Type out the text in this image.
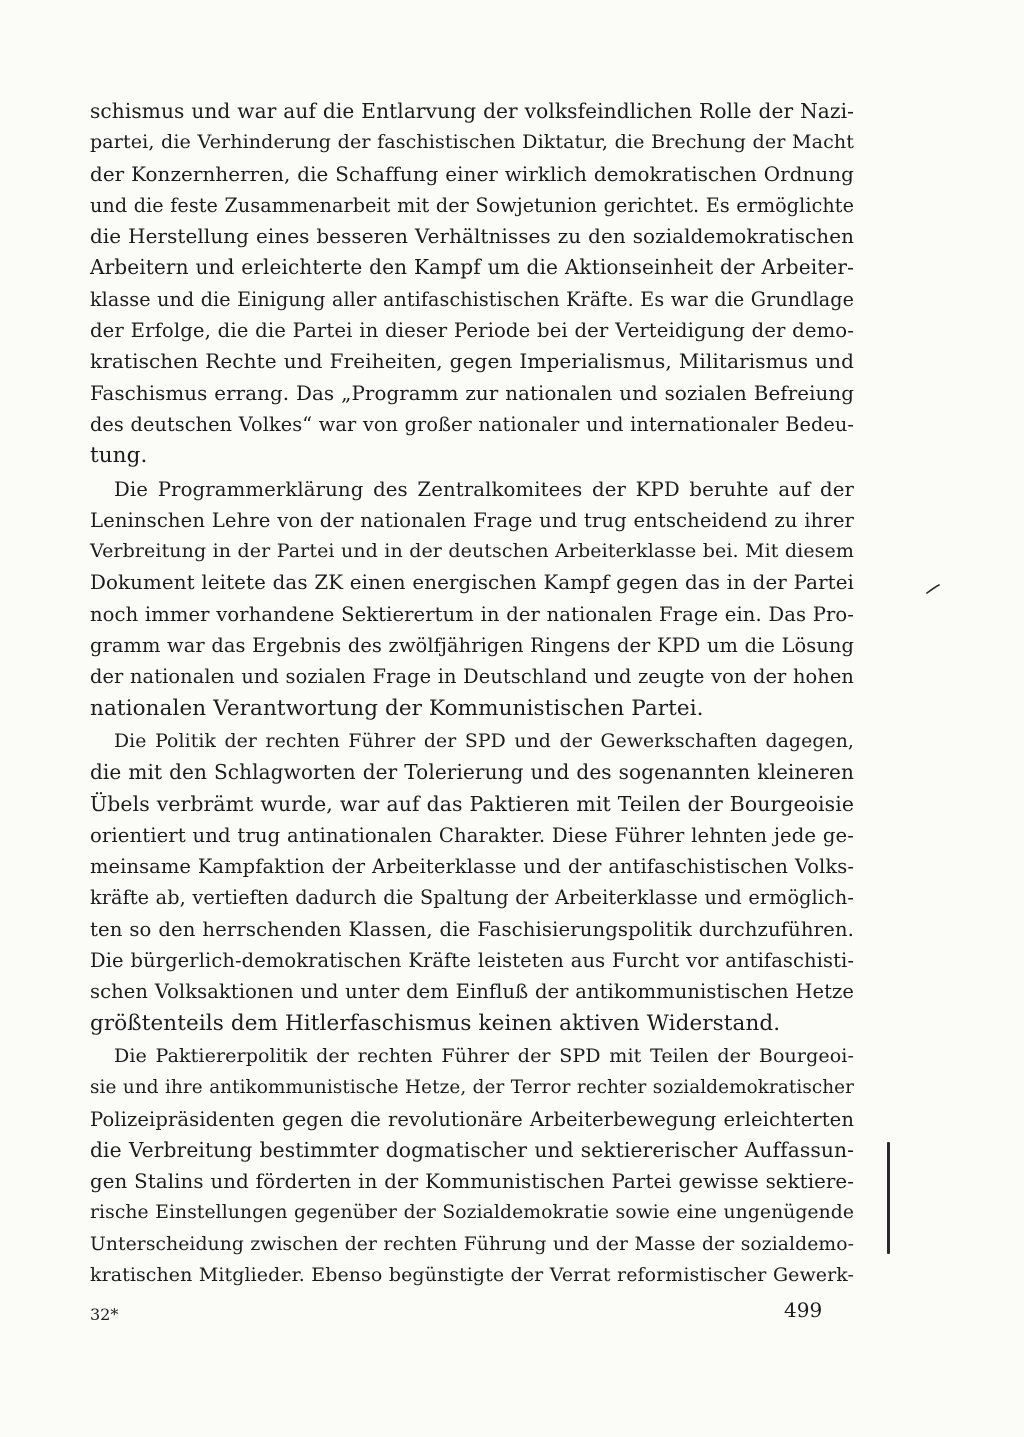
schismus und war auf die Entlarvung der volksfeindlichen Rolle der Nazi-
partei, die Verhinderung der faschistischen Diktatur, die Brechung der Macht
der Konzernherren, die Schaffung einer wirklich demokratischen Ordnung
und die feste Zusammenarbeit mit der Sowjetunion gerichtet. Es ermöglichte
die Herstellung eines besseren Verhältnisses zu den sozialdemokratischen
Arbeitern und erleichterte den Kampf um die Aktionseinheit der Arbeiter-
klasse und die Einigung aller antifaschistischen Kräfte. Es war die Grundlage
der Erfolge, die die Partei in dieser Periode bei der Verteidigung der demo-
kratischen Rechte und Freiheiten, gegen Imperialismus, Militarismus und
Faschismus errang. Das „Programm zur nationalen und sozialen Befreiung
des deutschen Volkes“ war von großer nationaler und internationaler Bedeu-
tung.

Die Programmerklärung des Zentralkomitees der KPD beruhte auf der
Leninschen Lehre von der nationalen Frage und trug entscheidend zu ihrer
Verbreitung in der Partei und in der deutschen Arbeiterklasse bei. Mit diesem
Dokument leitete das ZK einen energischen Kampf gegen das in der Partei
noch immer vorhandene Sektierertum in der nationalen Frage ein. Das Pro-
gramm war das Ergebnis des zwölfjährigen Ringens der KPD um die Lösung
der nationalen und sozialen Frage in Deutschland und zeugte von der hohen
nationalen Verantwortung der Kommunistischen Partei.

Die Politik der rechten Führer der SPD und der Gewerkschaften dagegen,
die mit den Schlagworten der Tolerierung und des sogenannten kleineren
Übels verbrämt wurde, war auf das Paktieren mit Teilen der Bourgeoisie
orientiert und trug antinationalen Charakter. Diese Führer lehnten jede ge-
meinsame Kampfaktion der Arbeiterklasse und der antifaschistischen Volks-
kräfte ab, vertieften dadurch die Spaltung der Arbeiterklasse und ermöglich-
ten so den herrschenden Klassen, die Faschisierungspolitik durchzuführen.
Die bürgerlich-demokratischen Kräfte leisteten aus Furcht vor antifaschisti-
schen Volksaktionen und unter dem Einfluß der antikommunistischen Hetze
größtenteils dem Hitlerfaschismus keinen aktiven Widerstand.

Die Paktiererpolitik der rechten Führer der SPD mit Teilen der Bourgeoi-
sie und ihre antikommunistische Hetze, der Terror rechter sozialdemokratischer
Polizeipräsidenten gegen die revolutionäre Arbeiterbewegung erleichterten
die Verbreitung bestimmter dogmatischer und sektiererischer Auffassun-
gen Stalins und förderten in der Kommunistischen Partei gewisse sektiere-
rische Einstellungen gegenüber der Sozialdemokratie sowie eine ungenügende
Unterscheidung zwischen der rechten Führung und der Masse der sozialdemo-
kratischen Mitglieder. Ebenso begünstigte der Verrat reformistischer Gewerk-

32*	499
